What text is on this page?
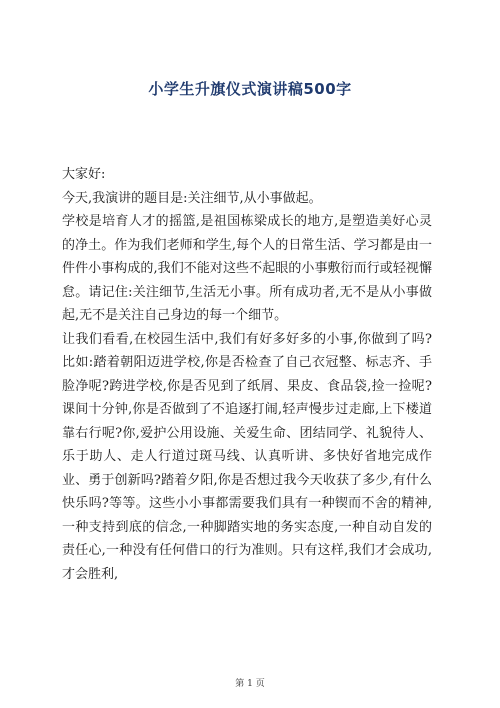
小学生升旗仪式演讲稿500字

大家好:

今天,我演讲的题目是:关注细节,从小事做起。

学校是培育人才的摇篮,是祖国栋梁成长的地方,是塑造美好心灵的净土。作为我们老师和学生,每个人的日常生活、学习都是由一件件小事构成的,我们不能对这些不起眼的小事敷衍而行或轻视懈怠。请记住:关注细节,生活无小事。所有成功者,无不是从小事做起,无不是关注自己身边的每一个细节。

让我们看看,在校园生活中,我们有好多好多的小事,你做到了吗?比如:踏着朝阳迈进学校,你是否检查了自己衣冠整、标志齐、手脸净呢?跨进学校,你是否见到了纸屑、果皮、食品袋,捡一捡呢?课间十分钟,你是否做到了不追逐打闹,轻声慢步过走廊,上下楼道靠右行呢?你,爱护公用设施、关爱生命、团结同学、礼貌待人、乐于助人、走人行道过斑马线、认真听讲、多快好省地完成作业、勇于创新吗?踏着夕阳,你是否想过我今天收获了多少,有什么快乐吗?等等。这些小小事都需要我们具有一种锲而不舍的精神,一种支持到底的信念,一种脚踏实地的务实态度,一种自动自发的责任心,一种没有任何借口的行为准则。只有这样,我们才会成功,才会胜利,

第 1 页
